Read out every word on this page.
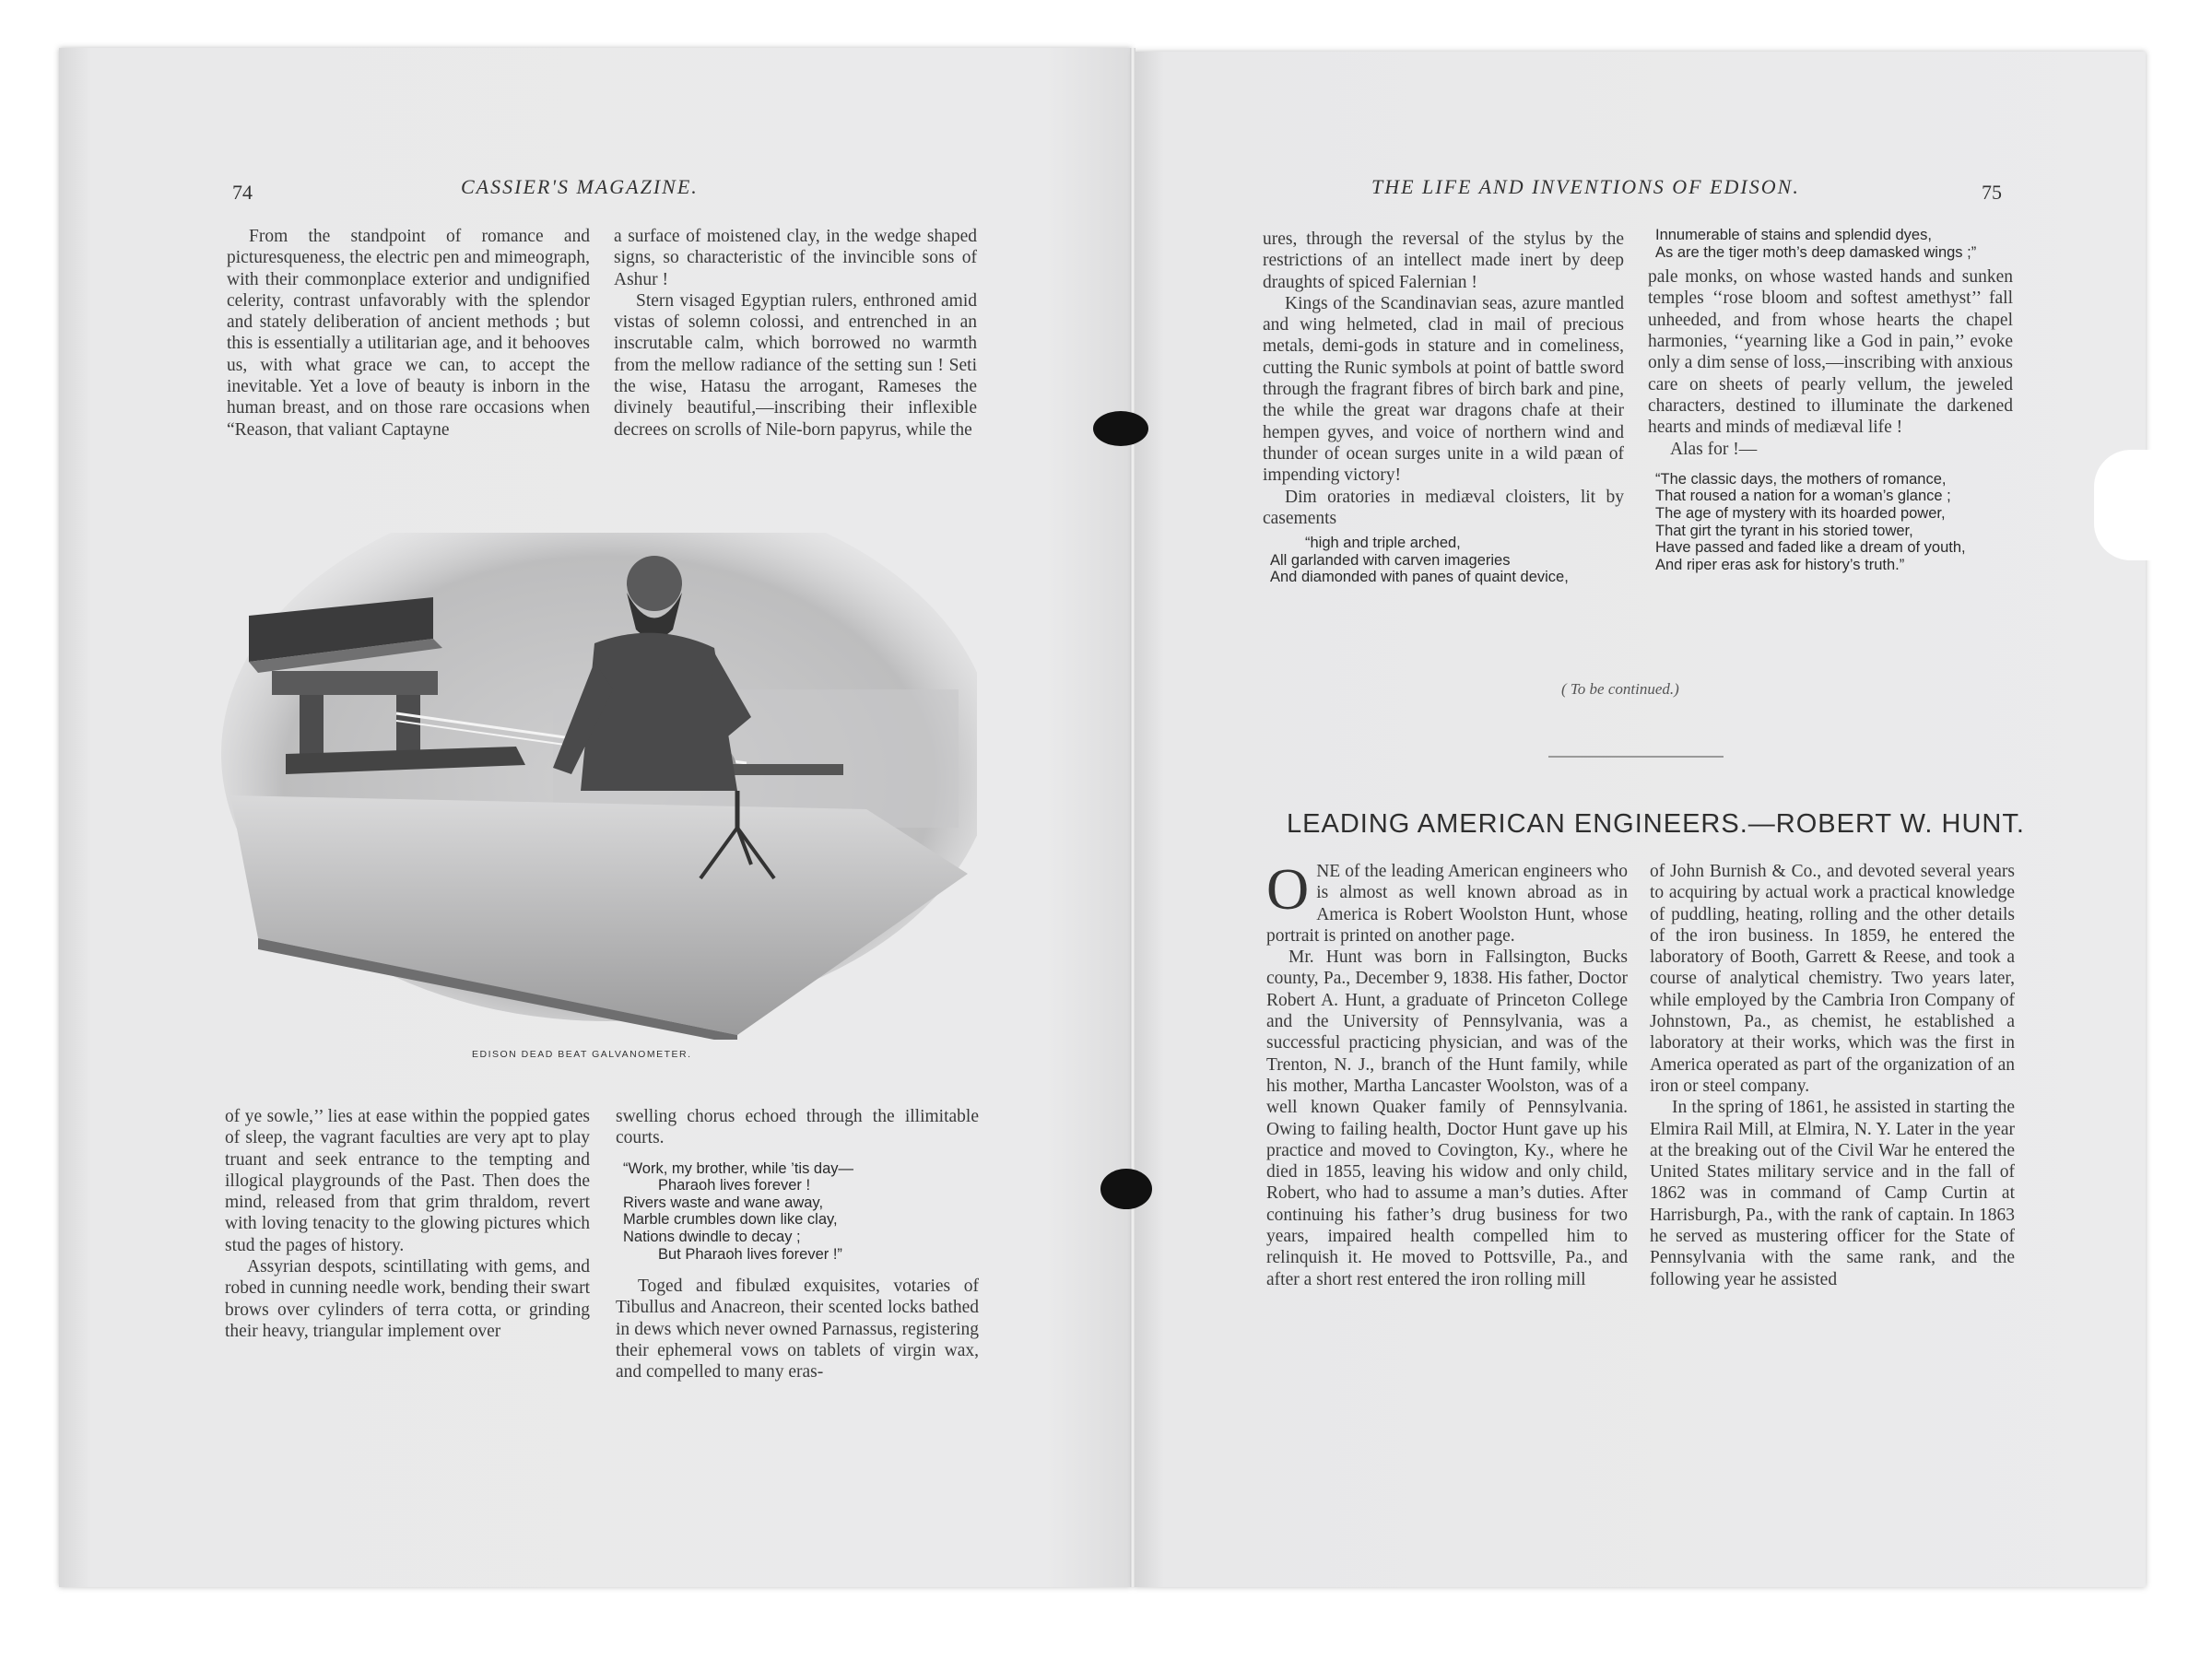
74	CASSIER'S MAGAZINE.

From the standpoint of romance and picturesqueness, the electric pen and mimeograph, with their commonplace exterior and undignified celerity, contrast unfavorably with the splendor and stately deliberation of ancient methods ; but this is essentially a utilitarian age, and it behooves us, with what grace we can, to accept the inevitable. Yet a love of beauty is inborn in the human breast, and on those rare occasions when “Reason, that valiant Captayne

a surface of moistened clay, in the wedge shaped signs, so characteristic of the invincible sons of Ashur !

Stern visaged Egyptian rulers, enthroned amid vistas of solemn colossi, and entrenched in an inscrutable calm, which borrowed no warmth from the mellow radiance of the setting sun ! Seti the wise, Hatasu the arrogant, Rameses the divinely beautiful,—inscribing their inflexible decrees on scrolls of Nile-born papyrus, while the

EDISON DEAD BEAT GALVANOMETER.

of ye sowle,’’ lies at ease within the poppied gates of sleep, the vagrant faculties are very apt to play truant and seek entrance to the tempting and illogical playgrounds of the Past. Then does the mind, released from that grim thraldom, revert with loving tenacity to the glowing pictures which stud the pages of history.

Assyrian despots, scintillating with gems, and robed in cunning needle work, bending their swart brows over cylinders of terra cotta, or grinding their heavy, triangular implement over

swelling chorus echoed through the illimitable courts.

“Work, my brother, while ’tis day—
Pharaoh lives forever !
Rivers waste and wane away,
Marble crumbles down like clay,
Nations dwindle to decay ;
But Pharaoh lives forever !”

Toged and fibulæd exquisites, votaries of Tibullus and Anacreon, their scented locks bathed in dews which never owned Parnassus, registering their ephemeral vows on tablets of virgin wax, and compelled to many eras-

THE LIFE AND INVENTIONS OF EDISON.	75

ures, through the reversal of the stylus by the restrictions of an intellect made inert by deep draughts of spiced Falernian !

Kings of the Scandinavian seas, azure mantled and wing helmeted, clad in mail of precious metals, demi-gods in stature and in comeliness, cutting the Runic symbols at point of battle sword through the fragrant fibres of birch bark and pine, the while the great war dragons chafe at their hempen gyves, and voice of northern wind and thunder of ocean surges unite in a wild pæan of impending victory!

Dim oratories in mediæval cloisters, lit by casements

“high and triple arched,
All garlanded with carven imageries
And diamonded with panes of quaint device,
Innumerable of stains and splendid dyes,
As are the tiger moth’s deep damasked wings ;”

pale monks, on whose wasted hands and sunken temples ‘‘rose bloom and softest amethyst’’ fall unheeded, and from whose hearts the chapel harmonies, ‘‘yearning like a God in pain,’’ evoke only a dim sense of loss,—inscribing with anxious care on sheets of pearly vellum, the jeweled characters, destined to illuminate the darkened hearts and minds of mediæval life !

Alas for !—

“The classic days, the mothers of romance,
That roused a nation for a woman’s glance ;
The age of mystery with its hoarded power,
That girt the tyrant in his storied tower,
Have passed and faded like a dream of youth,
And riper eras ask for history’s truth.”
( To be continued.)
LEADING AMERICAN ENGINEERS.—ROBERT W. HUNT.

ONE of the leading American engineers who is almost as well known abroad as in America is Robert Woolston Hunt, whose portrait is printed on another page.

Mr. Hunt was born in Fallsington, Bucks county, Pa., December 9, 1838. His father, Doctor Robert A. Hunt, a graduate of Princeton College and the University of Pennsylvania, was a successful practicing physician, and was of the Trenton, N. J., branch of the Hunt family, while his mother, Martha Lancaster Woolston, was of a well known Quaker family of Pennsylvania. Owing to failing health, Doctor Hunt gave up his practice and moved to Covington, Ky., where he died in 1855, leaving his widow and only child, Robert, who had to assume a man’s duties. After continuing his father’s drug business for two years, impaired health compelled him to relinquish it. He moved to Pottsville, Pa., and after a short rest entered the iron rolling mill

of John Burnish & Co., and devoted several years to acquiring by actual work a practical knowledge of puddling, heating, rolling and the other details of the iron business. In 1859, he entered the laboratory of Booth, Garrett & Reese, and took a course of analytical chemistry. Two years later, while employed by the Cambria Iron Company of Johnstown, Pa., as chemist, he established a laboratory at their works, which was the first in America operated as part of the organization of an iron or steel company.

In the spring of 1861, he assisted in starting the Elmira Rail Mill, at Elmira, N. Y. Later in the year at the breaking out of the Civil War he entered the United States military service and in the fall of 1862 was in command of Camp Curtin at Harrisburgh, Pa., with the rank of captain. In 1863 he served as mustering officer for the State of Pennsylvania with the same rank, and the following year he assisted
